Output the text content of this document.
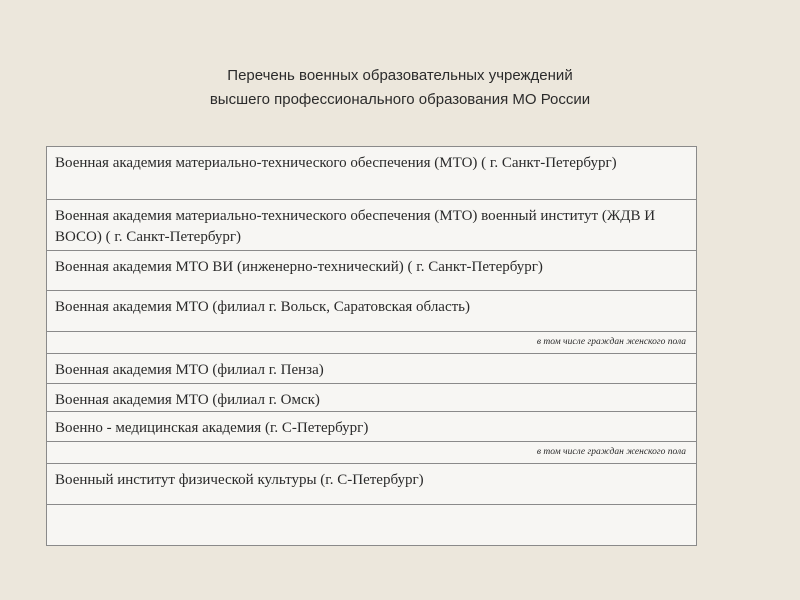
Перечень военных образовательных учреждений
высшего профессионального образования МО России
Военная академия материально-технического обеспечения (МТО) ( г. Санкт-Петербург)
Военная академия материально-технического обеспечения (МТО) военный институт (ЖДВ И ВОСО) ( г. Санкт-Петербург)
Военная академия МТО ВИ (инженерно-технический) ( г. Санкт-Петербург)
Военная академия МТО (филиал г. Вольск, Саратовская область)
в том числе граждан женского пола
Военная академия МТО (филиал г. Пенза)
Военная академия МТО (филиал г. Омск)
Военно - медицинская академия (г. С-Петербург)
в том числе граждан женского пола
Военный институт физической культуры (г. С-Петербург)
